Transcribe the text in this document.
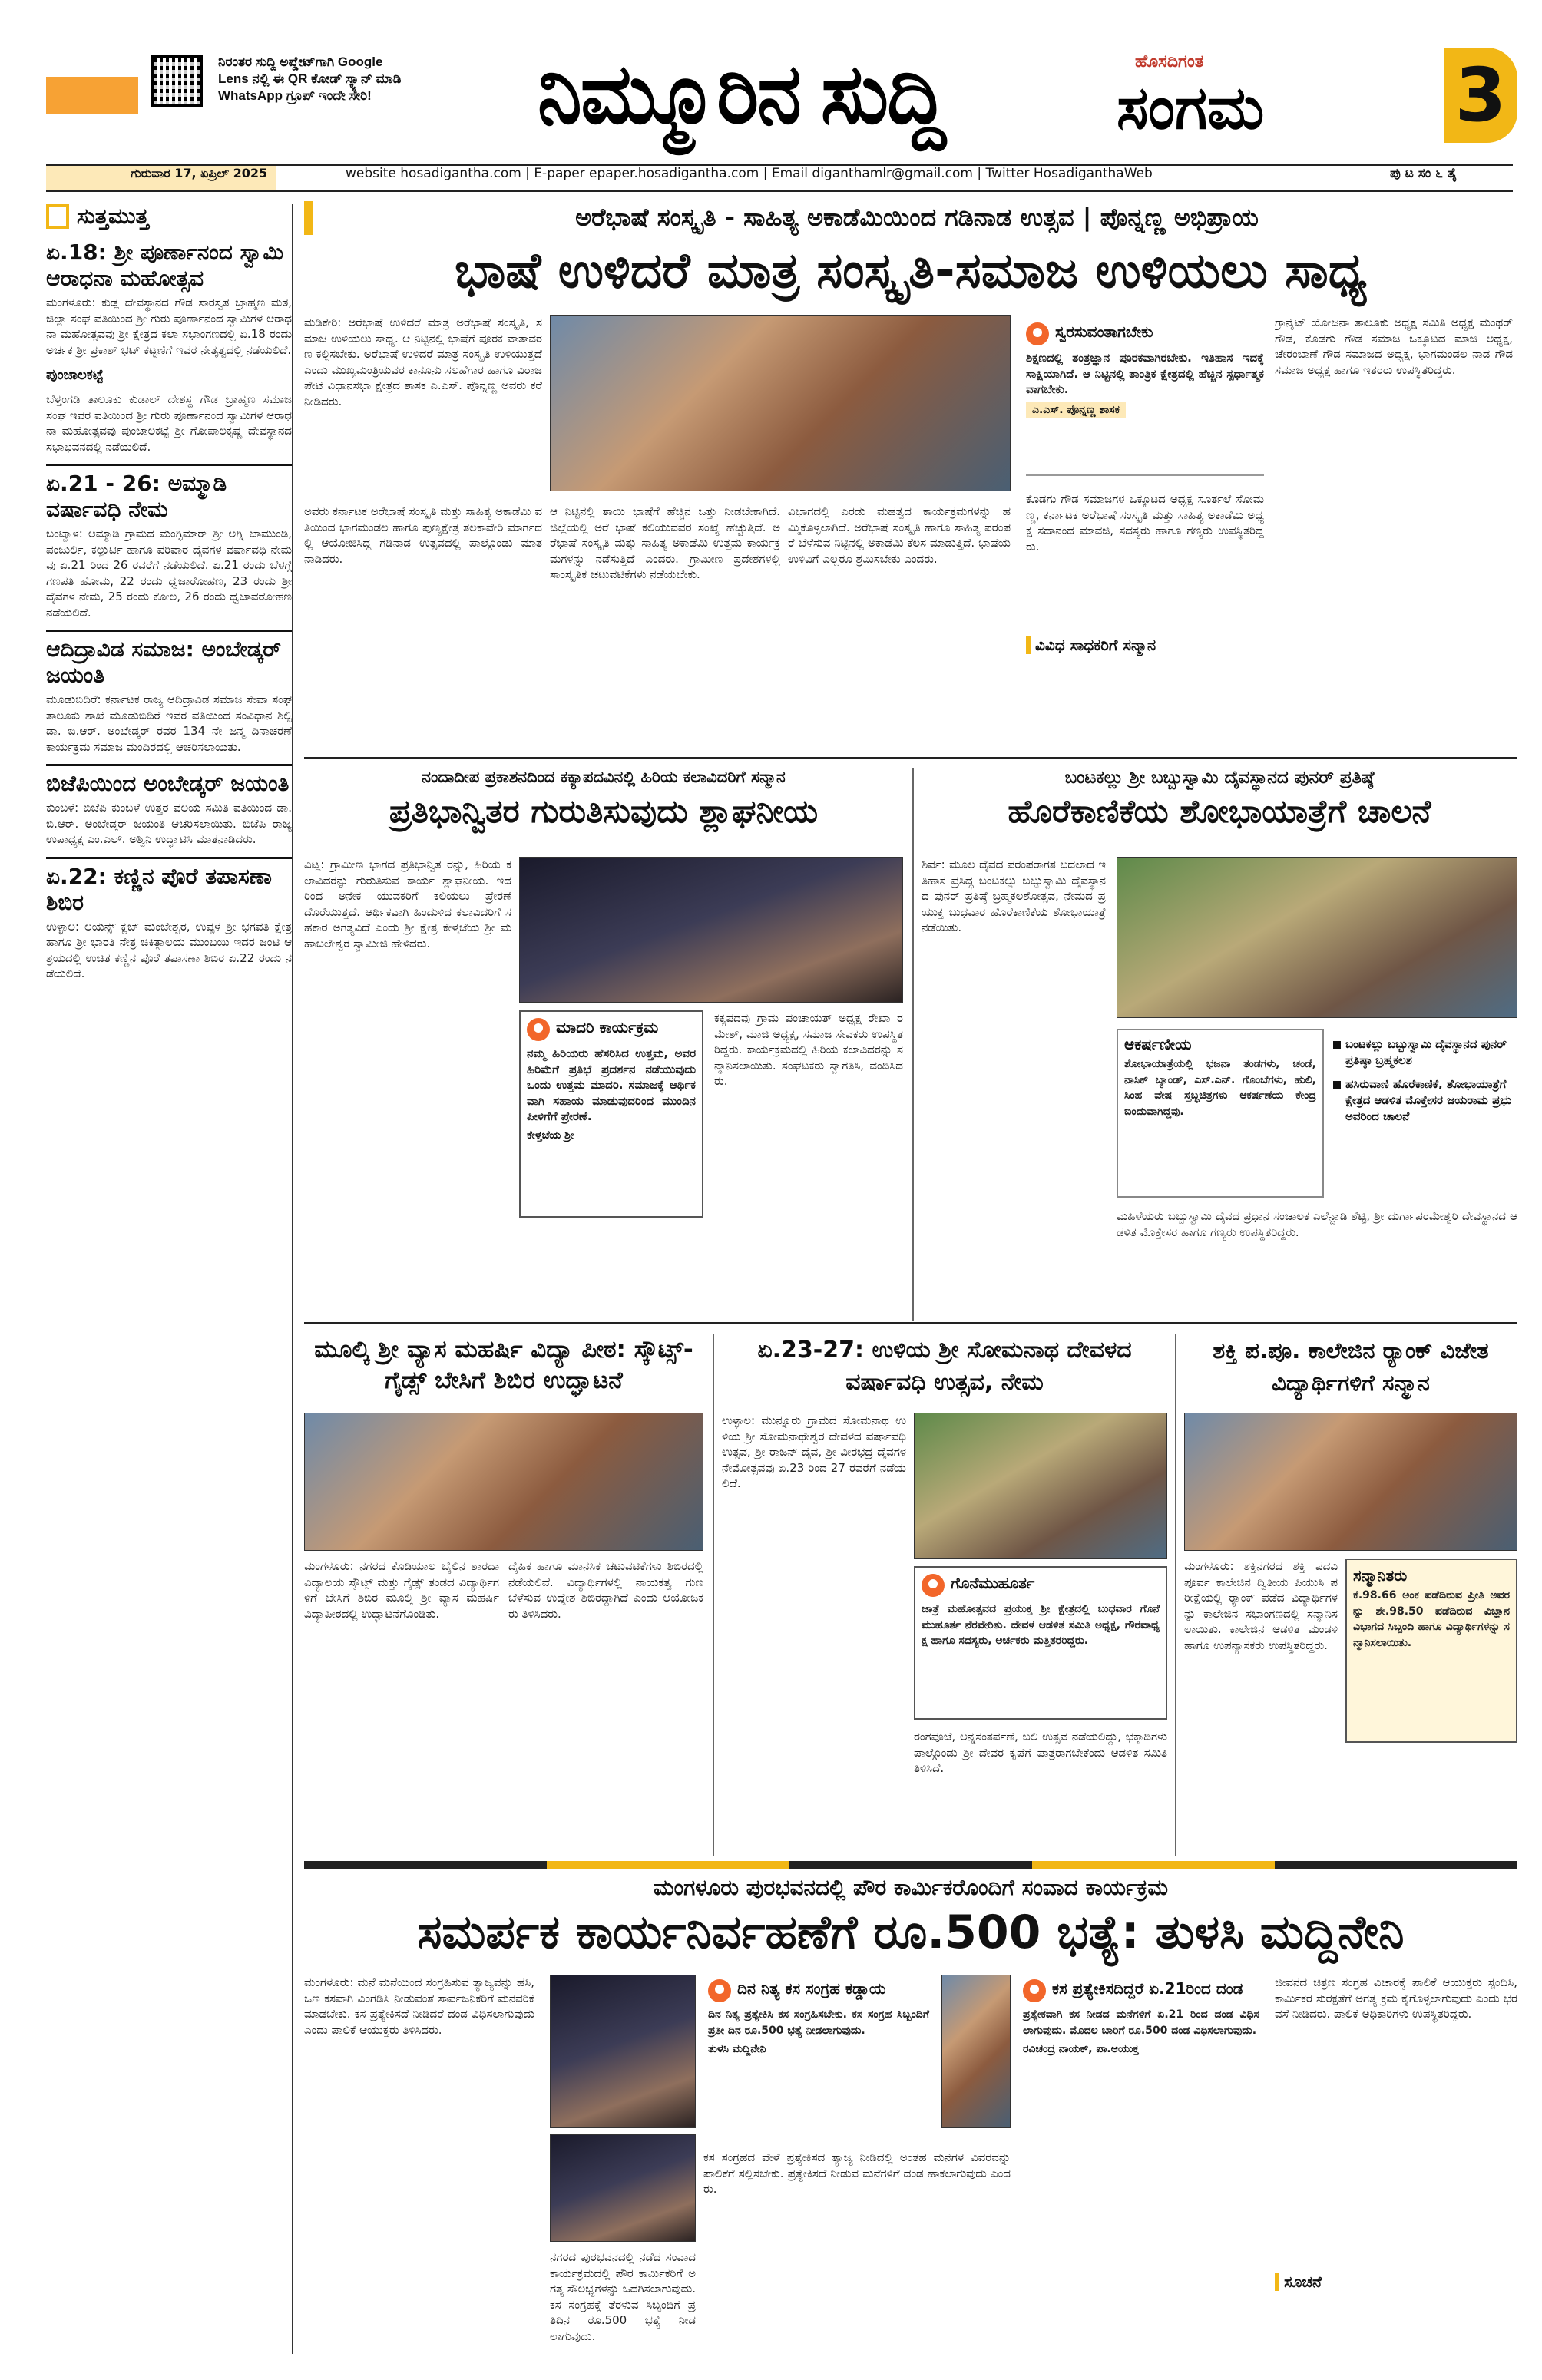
ನಿರಂತರ ಸುದ್ದಿ ಅಪ್ಡೇಟ್‌ಗಾಗಿ Google Lens ನಲ್ಲಿ ಈ QR ಕೋಡ್ ಸ್ಕ್ಯಾನ್ ಮಾಡಿ WhatsApp ಗ್ರೂಪ್ ಇಂದೇ ಸೇರಿ!	ನಿಮ್ಮೂರಿನ ಸುದ್ದಿ	ಹೊಸದಿಗಂತ
ಸಂಗಮ	3
ಗುರುವಾರ 17, ಏಪ್ರಿಲ್ 2025	website hosadigantha.com | E-paper epaper.hosadigantha.com | Email diganthamlr@gmail.com | Twitter HosadiganthaWeb	ಪು ಟ ಸಂ ೬ ತೈ
ಸುತ್ತಮುತ್ತ
ಏ.18: ಶ್ರೀ ಪೂರ್ಣಾನಂದ ಸ್ವಾಮಿ ಆರಾಧನಾ ಮಹೋತ್ಸವ
ಮಂಗಳೂರು: ಕುಡ್ಲ ದೇವಸ್ಥಾನದ ಗೌಡ ಸಾರಸ್ವತ ಬ್ರಾಹ್ಮಣ ಮಠ, ಜಿಲ್ಲಾ ಸಂಘ ವತಿಯಿಂದ ಶ್ರೀ ಗುರು ಪೂರ್ಣಾನಂದ ಸ್ವಾಮಿಗಳ ಆರಾಧನಾ ಮಹೋತ್ಸವವು ಶ್ರೀ ಕ್ಷೇತ್ರದ ಕಲಾ ಸಭಾಂಗಣದಲ್ಲಿ ಏ.18 ರಂದು ಅರ್ಚಕ ಶ್ರೀ ಪ್ರಕಾಶ್ ಭಟ್ ಕಟ್ಟಣಿಗೆ ಇವರ ನೇತೃತ್ವದಲ್ಲಿ ನಡೆಯಲಿದೆ.
ಪುಂಜಾಲಕಟ್ಟೆ
ಬೆಳ್ತಂಗಡಿ ತಾಲೂಕು ಕುಡಾಲ್ ದೇಶಸ್ಥ ಗೌಡ ಬ್ರಾಹ್ಮಣ ಸಮಾಜ ಸಂಘ ಇವರ ವತಿಯಿಂದ ಶ್ರೀ ಗುರು ಪೂರ್ಣಾನಂದ ಸ್ವಾಮಿಗಳ ಆರಾಧನಾ ಮಹೋತ್ಸವವು ಪುಂಜಾಲಕಟ್ಟೆ ಶ್ರೀ ಗೋಪಾಲಕೃಷ್ಣ ದೇವಸ್ಥಾನದ ಸಭಾಭವನದಲ್ಲಿ ನಡೆಯಲಿದೆ.
ಏ.21 - 26: ಅಮ್ಮಾಡಿ ವರ್ಷಾವಧಿ ನೇಮ
ಬಂಟ್ವಾಳ: ಅಮ್ಮಾಡಿ ಗ್ರಾಮದ ಮಂಗ್ಳಿಮಾರ್ ಶ್ರೀ ಅಗ್ನಿ ಚಾಮುಂಡಿ, ಪಂಜುರ್ಲಿ, ಕಲ್ಲುರ್ಟಿ ಹಾಗೂ ಪರಿವಾರ ದೈವಗಳ ವರ್ಷಾವಧಿ ನೇಮವು ಏ.21 ರಿಂದ 26 ರವರೆಗೆ ನಡೆಯಲಿದೆ. ಏ.21 ರಂದು ಬೆಳಗ್ಗೆ ಗಣಪತಿ ಹೋಮ, 22 ರಂದು ಧ್ವಜಾರೋಹಣ, 23 ರಂದು ಶ್ರೀ ದೈವಗಳ ನೇಮ, 25 ರಂದು ಕೋಲ, 26 ರಂದು ಧ್ವಜಾವರೋಹಣ ನಡೆಯಲಿದೆ.
ಆದಿದ್ರಾವಿಡ ಸಮಾಜ: ಅಂಬೇಡ್ಕರ್ ಜಯಂತಿ
ಮೂಡುಬಿದಿರೆ: ಕರ್ನಾಟಕ ರಾಜ್ಯ ಆದಿದ್ರಾವಿಡ ಸಮಾಜ ಸೇವಾ ಸಂಘ ತಾಲೂಕು ಶಾಖೆ ಮೂಡುಬಿದಿರೆ ಇವರ ವತಿಯಿಂದ ಸಂವಿಧಾನ ಶಿಲ್ಪಿ ಡಾ. ಬಿ.ಆರ್. ಅಂಬೇಡ್ಕರ್ ರವರ 134 ನೇ ಜನ್ಮ ದಿನಾಚರಣೆ ಕಾರ್ಯಕ್ರಮ ಸಮಾಜ ಮಂದಿರದಲ್ಲಿ ಆಚರಿಸಲಾಯಿತು.
ಬಿಜೆಪಿಯಿಂದ ಅಂಬೇಡ್ಕರ್ ಜಯಂತಿ
ಕುಂಬಳೆ: ಬಿಜೆಪಿ ಕುಂಬಳೆ ಉತ್ತರ ವಲಯ ಸಮಿತಿ ವತಿಯಿಂದ ಡಾ. ಬಿ.ಆರ್. ಅಂಬೇಡ್ಕರ್ ಜಯಂತಿ ಆಚರಿಸಲಾಯಿತು. ಬಿಜೆಪಿ ರಾಜ್ಯ ಉಪಾಧ್ಯಕ್ಷ ಎಂ.ಎಲ್. ಅಶ್ವಿನಿ ಉದ್ಘಾಟಿಸಿ ಮಾತನಾಡಿದರು.
ಏ.22: ಕಣ್ಣಿನ ಪೊರೆ ತಪಾಸಣಾ ಶಿಬಿರ
ಉಳ್ಳಾಲ: ಲಯನ್ಸ್ ಕ್ಲಬ್ ಮಂಜೇಶ್ವರ, ಉಪ್ಪಳ ಶ್ರೀ ಭಗವತಿ ಕ್ಷೇತ್ರ ಹಾಗೂ ಶ್ರೀ ಭಾರತಿ ನೇತ್ರ ಚಿಕಿತ್ಸಾಲಯ ಮುಂಬಯಿ ಇದರ ಜಂಟಿ ಆಶ್ರಯದಲ್ಲಿ ಉಚಿತ ಕಣ್ಣಿನ ಪೊರೆ ತಪಾಸಣಾ ಶಿಬಿರ ಏ.22 ರಂದು ನಡೆಯಲಿದೆ.
ಅರೆಭಾಷೆ ಸಂಸ್ಕೃತಿ - ಸಾಹಿತ್ಯ ಅಕಾಡೆಮಿಯಿಂದ ಗಡಿನಾಡ ಉತ್ಸವ | ಪೊನ್ನಣ್ಣ ಅಭಿಪ್ರಾಯ
ಭಾಷೆ ಉಳಿದರೆ ಮಾತ್ರ ಸಂಸ್ಕೃತಿ-ಸಮಾಜ ಉಳಿಯಲು ಸಾಧ್ಯ
ಮಡಿಕೇರಿ: ಅರೆಭಾಷೆ ಉಳಿದರೆ ಮಾತ್ರ ಅರೆಭಾಷೆ ಸಂಸ್ಕೃತಿ, ಸಮಾಜ ಉಳಿಯಲು ಸಾಧ್ಯ. ಆ ನಿಟ್ಟಿನಲ್ಲಿ ಭಾಷೆಗೆ ಪೂರಕ ವಾತಾವರಣ ಕಲ್ಪಿಸಬೇಕು. ಅರೆಭಾಷೆ ಉಳಿದರೆ ಮಾತ್ರ ಸಂಸ್ಕೃತಿ ಉಳಿಯುತ್ತದೆ ಎಂದು ಮುಖ್ಯಮಂತ್ರಿಯವರ ಕಾನೂನು ಸಲಹೆಗಾರ ಹಾಗೂ ವಿರಾಜಪೇಟೆ ವಿಧಾನಸಭಾ ಕ್ಷೇತ್ರದ ಶಾಸಕ ಎ.ಎಸ್. ಪೊನ್ನಣ್ಣ ಅವರು ಕರೆ ನೀಡಿದರು.
ಅವರು ಕರ್ನಾಟಕ ಅರೆಭಾಷೆ ಸಂಸ್ಕೃತಿ ಮತ್ತು ಸಾಹಿತ್ಯ ಅಕಾಡೆಮಿ ವತಿಯಿಂದ ಭಾಗಮಂಡಲ ಹಾಗೂ ಪುಣ್ಯಕ್ಷೇತ್ರ ತಲಕಾವೇರಿ ಮಾರ್ಗದಲ್ಲಿ ಆಯೋಜಿಸಿದ್ದ ಗಡಿನಾಡ ಉತ್ಸವದಲ್ಲಿ ಪಾಲ್ಗೊಂಡು ಮಾತನಾಡಿದರು.
ಆ ನಿಟ್ಟಿನಲ್ಲಿ ತಾಯಿ ಭಾಷೆಗೆ ಹೆಚ್ಚಿನ ಒತ್ತು ನೀಡಬೇಕಾಗಿದೆ. ಜಿಲ್ಲೆಯಲ್ಲಿ ಅರೆ ಭಾಷೆ ಕಲಿಯುವವರ ಸಂಖ್ಯೆ ಹೆಚ್ಚುತ್ತಿದೆ. ಅರೆಭಾಷೆ ಸಂಸ್ಕೃತಿ ಮತ್ತು ಸಾಹಿತ್ಯ ಅಕಾಡೆಮಿ ಉತ್ತಮ ಕಾರ್ಯಕ್ರಮಗಳನ್ನು ನಡೆಸುತ್ತಿದೆ ಎಂದರು. ಗ್ರಾಮೀಣ ಪ್ರದೇಶಗಳಲ್ಲಿ ಸಾಂಸ್ಕೃತಿಕ ಚಟುವಟಿಕೆಗಳು ನಡೆಯಬೇಕು.
ವಿಭಾಗದಲ್ಲಿ ಎರಡು ಮಹತ್ವದ ಕಾರ್ಯಕ್ರಮಗಳನ್ನು ಹಮ್ಮಿಕೊಳ್ಳಲಾಗಿದೆ. ಅರೆಭಾಷೆ ಸಂಸ್ಕೃತಿ ಹಾಗೂ ಸಾಹಿತ್ಯ ಪರಂಪರೆ ಬೆಳೆಸುವ ನಿಟ್ಟಿನಲ್ಲಿ ಅಕಾಡೆಮಿ ಕೆಲಸ ಮಾಡುತ್ತಿದೆ. ಭಾಷೆಯ ಉಳಿವಿಗೆ ಎಲ್ಲರೂ ಶ್ರಮಿಸಬೇಕು ಎಂದರು.
ಸ್ವರಸುವಂತಾಗಬೇಕು
ಶಿಕ್ಷಣದಲ್ಲಿ ತಂತ್ರಜ್ಞಾನ ಪೂರಕವಾಗಿರಬೇಕು. ಇತಿಹಾಸ ಇದಕ್ಕೆ ಸಾಕ್ಷಿಯಾಗಿದೆ. ಆ ನಿಟ್ಟಿನಲ್ಲಿ ತಾಂತ್ರಿಕ ಕ್ಷೇತ್ರದಲ್ಲಿ ಹೆಚ್ಚಿನ ಸ್ಪರ್ಧಾತ್ಮಕವಾಗಬೇಕು.
ಎ.ಎಸ್. ಪೊನ್ನಣ್ಣ ಶಾಸಕ
ಕೊಡಗು ಗೌಡ ಸಮಾಜಗಳ ಒಕ್ಕೂಟದ ಅಧ್ಯಕ್ಷ ಸೂರ್ತಲೆ ಸೋಮಣ್ಣ, ಕರ್ನಾಟಕ ಅರೆಭಾಷೆ ಸಂಸ್ಕೃತಿ ಮತ್ತು ಸಾಹಿತ್ಯ ಅಕಾಡೆಮಿ ಅಧ್ಯಕ್ಷ ಸದಾನಂದ ಮಾವಜಿ, ಸದಸ್ಯರು ಹಾಗೂ ಗಣ್ಯರು ಉಪಸ್ಥಿತರಿದ್ದರು.
ವಿವಿಧ ಸಾಧಕರಿಗೆ ಸನ್ಮಾನ
ಗ್ರಾನೈಟ್ ಯೋಜನಾ ತಾಲೂಕು ಅಧ್ಯಕ್ಷ ಸಮಿತಿ ಅಧ್ಯಕ್ಷ ಮಂಥರ್ ಗೌಡ, ಕೊಡಗು ಗೌಡ ಸಮಾಜ ಒಕ್ಕೂಟದ ಮಾಜಿ ಅಧ್ಯಕ್ಷ, ಚೇರಂಬಾಣೆ ಗೌಡ ಸಮಾಜದ ಅಧ್ಯಕ್ಷ, ಭಾಗಮಂಡಲ ನಾಡ ಗೌಡ ಸಮಾಜ ಅಧ್ಯಕ್ಷ ಹಾಗೂ ಇತರರು ಉಪಸ್ಥಿತರಿದ್ದರು.
ನಂದಾದೀಪ ಪ್ರಕಾಶನದಿಂದ ಕಕ್ಯಾಪದವಿನಲ್ಲಿ ಹಿರಿಯ ಕಲಾವಿದರಿಗೆ ಸನ್ಮಾನ
ಪ್ರತಿಭಾನ್ವಿತರ ಗುರುತಿಸುವುದು ಶ್ಲಾಘನೀಯ
ವಿಟ್ಲ: ಗ್ರಾಮೀಣ ಭಾಗದ ಪ್ರತಿಭಾನ್ವಿತ ರನ್ನು, ಹಿರಿಯ ಕಲಾವಿದರನ್ನು ಗುರುತಿಸುವ ಕಾರ್ಯ ಶ್ಲಾಘನೀಯ. ಇದರಿಂದ ಅನೇಕ ಯುವಕರಿಗೆ ಕಲಿಯಲು ಪ್ರೇರಣೆ ದೊರೆಯುತ್ತದೆ. ಆರ್ಥಿಕವಾಗಿ ಹಿಂದುಳಿದ ಕಲಾವಿದರಿಗೆ ಸಹಕಾರ ಅಗತ್ಯವಿದೆ ಎಂದು ಶ್ರೀ ಕ್ಷೇತ್ರ ಕೇಳ್ತಜೆಯ ಶ್ರೀ ಮಹಾಬಲೇಶ್ವರ ಸ್ವಾಮೀಜಿ ಹೇಳಿದರು.
ಮಾದರಿ ಕಾರ್ಯಕ್ರಮ
ನಮ್ಮ ಹಿರಿಯರು ಹೆಸರಿಸಿದ ಉತ್ತಮ, ಅವರ ಹಿರಿಮೆಗೆ ಪ್ರತಿಭೆ ಪ್ರದರ್ಶನ ನಡೆಯುವುದು ಒಂದು ಉತ್ತಮ ಮಾದರಿ. ಸಮಾಜಕ್ಕೆ ಆರ್ಥಿಕವಾಗಿ ಸಹಾಯ ಮಾಡುವುದರಿಂದ ಮುಂದಿನ ಪೀಳಿಗೆಗೆ ಪ್ರೇರಣೆ.
ಕೇಳ್ತಜೆಯ ಶ್ರೀ
ಕಕ್ಯಪದವು ಗ್ರಾಮ ಪಂಚಾಯತ್ ಅಧ್ಯಕ್ಷ ರೇಖಾ ರಮೇಶ್, ಮಾಜಿ ಅಧ್ಯಕ್ಷ, ಸಮಾಜ ಸೇವಕರು ಉಪಸ್ಥಿತರಿದ್ದರು. ಕಾರ್ಯಕ್ರಮದಲ್ಲಿ ಹಿರಿಯ ಕಲಾವಿದರನ್ನು ಸನ್ಮಾನಿಸಲಾಯಿತು. ಸಂಘಟಕರು ಸ್ವಾಗತಿಸಿ, ವಂದಿಸಿದರು.
ಬಂಟಕಲ್ಲು ಶ್ರೀ ಬಬ್ಬುಸ್ವಾಮಿ ದೈವಸ್ಥಾನದ ಪುನರ್ ಪ್ರತಿಷ್ಠೆ
ಹೊರೆಕಾಣಿಕೆಯ ಶೋಭಾಯಾತ್ರೆಗೆ ಚಾಲನೆ
ಶಿರ್ವ: ಮೂಲ ದೈವದ ಪರಂಪರಾಗತ ಬದಲಾದ ಇತಿಹಾಸ ಪ್ರಸಿದ್ಧ ಬಂಟಕಲ್ಲು ಬಬ್ಬುಸ್ವಾಮಿ ದೈವಸ್ಥಾನದ ಪುನರ್ ಪ್ರತಿಷ್ಠೆ ಬ್ರಹ್ಮಕಲಶೋತ್ಸವ, ನೇಮದ ಪ್ರಯುಕ್ತ ಬುಧವಾರ ಹೊರೆಕಾಣಿಕೆಯ ಶೋಭಾಯಾತ್ರೆ ನಡೆಯಿತು.
ಆಕರ್ಷಣೀಯ
ಶೋಭಾಯಾತ್ರೆಯಲ್ಲಿ ಭಜನಾ ತಂಡಗಳು, ಚಂಡೆ, ನಾಸಿಕ್ ಬ್ಯಾಂಡ್, ಎಸ್.ಎನ್. ಗೊಂಬೆಗಳು, ಹುಲಿ, ಸಿಂಹ ವೇಷ ಸ್ತಬ್ಧಚಿತ್ರಗಳು ಆಕರ್ಷಣೆಯ ಕೇಂದ್ರಬಿಂದುವಾಗಿದ್ದವು.
ಬಂಟಕಲ್ಲು ಬಬ್ಬುಸ್ವಾಮಿ ದೈವಸ್ಥಾನದ ಪುನರ್ ಪ್ರತಿಷ್ಠಾ ಬ್ರಹ್ಮಕಲಶ
ಹಸಿರುವಾಣಿ ಹೊರೆಕಾಣಿಕೆ, ಶೋಭಾಯಾತ್ರೆಗೆ ಕ್ಷೇತ್ರದ ಆಡಳಿತ ಮೊಕ್ತೇಸರ ಜಯರಾಮ ಪ್ರಭು ಅವರಿಂದ ಚಾಲನೆ
ಮಹಿಳೆಯರು ಬಬ್ಬುಸ್ವಾಮಿ ದೈವದ ಪ್ರಧಾನ ಸಂಚಾಲಕ ಎಲೆನ್ದಾಡಿ ಶೆಟ್ಟಿ, ಶ್ರೀ ದುರ್ಗಾಪರಮೇಶ್ವರಿ ದೇವಸ್ಥಾನದ ಆಡಳಿತ ಮೊಕ್ತೇಸರ ಹಾಗೂ ಗಣ್ಯರು ಉಪಸ್ಥಿತರಿದ್ದರು.
ಮೂಲ್ಕಿ ಶ್ರೀ ವ್ಯಾಸ ಮಹರ್ಷಿ ವಿದ್ಯಾ ಪೀಠ: ಸ್ಕೌಟ್ಸ್-ಗೈಡ್ಸ್ ಬೇಸಿಗೆ ಶಿಬಿರ ಉದ್ಘಾಟನೆ
ಮಂಗಳೂರು: ನಗರದ ಕೊಡಿಯಾಲ ಬೈಲಿನ ಶಾರದಾ ವಿದ್ಯಾಲಯ ಸ್ಕೌಟ್ಸ್ ಮತ್ತು ಗೈಡ್ಸ್ ತಂಡದ ವಿದ್ಯಾರ್ಥಿಗಳಿಗೆ ಬೇಸಿಗೆ ಶಿಬಿರ ಮೂಲ್ಕಿ ಶ್ರೀ ವ್ಯಾಸ ಮಹರ್ಷಿ ವಿದ್ಯಾಪೀಠದಲ್ಲಿ ಉದ್ಘಾಟನೆಗೊಂಡಿತು.
ದೈಹಿಕ ಹಾಗೂ ಮಾನಸಿಕ ಚಟುವಟಿಕೆಗಳು ಶಿಬಿರದಲ್ಲಿ ನಡೆಯಲಿವೆ. ವಿದ್ಯಾರ್ಥಿಗಳಲ್ಲಿ ನಾಯಕತ್ವ ಗುಣ ಬೆಳೆಸುವ ಉದ್ದೇಶ ಶಿಬಿರದ್ದಾಗಿದೆ ಎಂದು ಆಯೋಜಕರು ತಿಳಿಸಿದರು.
ಏ.23-27: ಉಳಿಯ ಶ್ರೀ ಸೋಮನಾಥ ದೇವಳದ ವರ್ಷಾವಧಿ ಉತ್ಸವ, ನೇಮ
ಉಳ್ಳಾಲ: ಮುನ್ನೂರು ಗ್ರಾಮದ ಸೋಮನಾಥ ಉಳಿಯ ಶ್ರೀ ಸೋಮನಾಥೇಶ್ವರ ದೇವಳದ ವರ್ಷಾವಧಿ ಉತ್ಸವ, ಶ್ರೀ ರಾಜನ್ ದೈವ, ಶ್ರೀ ವೀರಭದ್ರ ದೈವಗಳ ನೇಮೋತ್ಸವವು ಏ.23 ರಿಂದ 27 ರವರೆಗೆ ನಡೆಯಲಿದೆ.
ಗೊನೆಮುಹೂರ್ತ
ಜಾತ್ರೆ ಮಹೋತ್ಸವದ ಪ್ರಯುಕ್ತ ಶ್ರೀ ಕ್ಷೇತ್ರದಲ್ಲಿ ಬುಧವಾರ ಗೊನೆ ಮುಹೂರ್ತ ನೆರವೇರಿತು. ದೇವಳ ಆಡಳಿತ ಸಮಿತಿ ಅಧ್ಯಕ್ಷ, ಗೌರವಾಧ್ಯಕ್ಷ ಹಾಗೂ ಸದಸ್ಯರು, ಅರ್ಚಕರು ಮತ್ತಿತರರಿದ್ದರು.
ರಂಗಪೂಜೆ, ಅನ್ನಸಂತರ್ಪಣೆ, ಬಲಿ ಉತ್ಸವ ನಡೆಯಲಿದ್ದು, ಭಕ್ತಾದಿಗಳು ಪಾಲ್ಗೊಂಡು ಶ್ರೀ ದೇವರ ಕೃಪೆಗೆ ಪಾತ್ರರಾಗಬೇಕೆಂದು ಆಡಳಿತ ಸಮಿತಿ ತಿಳಿಸಿದೆ.
ಶಕ್ತಿ ಪ.ಪೂ. ಕಾಲೇಜಿನ ರ‍್ಯಾಂಕ್ ವಿಜೇತ ವಿದ್ಯಾರ್ಥಿಗಳಿಗೆ ಸನ್ಮಾನ
ಮಂಗಳೂರು: ಶಕ್ತಿನಗರದ ಶಕ್ತಿ ಪದವಿ ಪೂರ್ವ ಕಾಲೇಜಿನ ದ್ವಿತೀಯ ಪಿಯುಸಿ ಪರೀಕ್ಷೆಯಲ್ಲಿ ರ‍್ಯಾಂಕ್ ಪಡೆದ ವಿದ್ಯಾರ್ಥಿಗಳನ್ನು ಕಾಲೇಜಿನ ಸಭಾಂಗಣದಲ್ಲಿ ಸನ್ಮಾನಿಸಲಾಯಿತು. ಕಾಲೇಜಿನ ಆಡಳಿತ ಮಂಡಳಿ ಹಾಗೂ ಉಪನ್ಯಾಸಕರು ಉಪಸ್ಥಿತರಿದ್ದರು.
ಸನ್ಮಾನಿತರು
ಕೆ.98.66 ಅಂಕ ಪಡೆದಿರುವ ಪ್ರೀತಿ ಅವರನ್ನು ಶೇ.98.50 ಪಡೆದಿರುವ ವಿಜ್ಞಾನ ವಿಭಾಗದ ಸಿಬ್ಬಂದಿ ಹಾಗೂ ವಿದ್ಯಾರ್ಥಿಗಳನ್ನು ಸನ್ಮಾನಿಸಲಾಯಿತು.
ಮಂಗಳೂರು ಪುರಭವನದಲ್ಲಿ ಪೌರ ಕಾರ್ಮಿಕರೊಂದಿಗೆ ಸಂವಾದ ಕಾರ್ಯಕ್ರಮ
ಸಮರ್ಪಕ ಕಾರ್ಯನಿರ್ವಹಣೆಗೆ ರೂ.500 ಭತ್ಯೆ: ತುಳಸಿ ಮದ್ದಿನೇನಿ
ಮಂಗಳೂರು: ಮನೆ ಮನೆಯಿಂದ ಸಂಗ್ರಹಿಸುವ ತ್ಯಾಜ್ಯವನ್ನು ಹಸಿ, ಒಣ ಕಸವಾಗಿ ವಿಂಗಡಿಸಿ ನೀಡುವಂತೆ ಸಾರ್ವಜನಿಕರಿಗೆ ಮನವರಿಕೆ ಮಾಡಬೇಕು. ಕಸ ಪ್ರತ್ಯೇಕಿಸದೆ ನೀಡಿದರೆ ದಂಡ ವಿಧಿಸಲಾಗುವುದು ಎಂದು ಪಾಲಿಕೆ ಆಯುಕ್ತರು ತಿಳಿಸಿದರು.
ನಗರದ ಪುರಭವನದಲ್ಲಿ ನಡೆದ ಸಂವಾದ ಕಾರ್ಯಕ್ರಮದಲ್ಲಿ ಪೌರ ಕಾರ್ಮಿಕರಿಗೆ ಅಗತ್ಯ ಸೌಲಭ್ಯಗಳನ್ನು ಒದಗಿಸಲಾಗುವುದು. ಕಸ ಸಂಗ್ರಹಕ್ಕೆ ತೆರಳುವ ಸಿಬ್ಬಂದಿಗೆ ಪ್ರತಿದಿನ ರೂ.500 ಭತ್ಯೆ ನೀಡಲಾಗುವುದು.
ದಿನ ನಿತ್ಯ ಕಸ ಸಂಗ್ರಹ ಕಡ್ಡಾಯ
ದಿನ ನಿತ್ಯ ಪ್ರತ್ಯೇಕಿಸಿ ಕಸ ಸಂಗ್ರಹಿಸಬೇಕು. ಕಸ ಸಂಗ್ರಹ ಸಿಬ್ಬಂದಿಗೆ ಪ್ರತೀ ದಿನ ರೂ.500 ಭತ್ಯೆ ನೀಡಲಾಗುವುದು.
ತುಳಸಿ ಮದ್ದಿನೇನಿ
ಕಸ ಸಂಗ್ರಹದ ವೇಳೆ ಪ್ರತ್ಯೇಕಿಸದ ತ್ಯಾಜ್ಯ ನೀಡಿದಲ್ಲಿ ಅಂತಹ ಮನೆಗಳ ವಿವರವನ್ನು ಪಾಲಿಕೆಗೆ ಸಲ್ಲಿಸಬೇಕು. ಪ್ರತ್ಯೇಕಿಸದೆ ನೀಡುವ ಮನೆಗಳಿಗೆ ದಂಡ ಹಾಕಲಾಗುವುದು ಎಂದರು.
ಕಸ ಪ್ರತ್ಯೇಕಿಸದಿದ್ದರೆ ಏ.21ರಿಂದ ದಂಡ
ಪ್ರತ್ಯೇಕವಾಗಿ ಕಸ ನೀಡದ ಮನೆಗಳಿಗೆ ಏ.21 ರಿಂದ ದಂಡ ವಿಧಿಸಲಾಗುವುದು. ಮೊದಲ ಬಾರಿಗೆ ರೂ.500 ದಂಡ ವಿಧಿಸಲಾಗುವುದು.
ರವಿಚಂದ್ರ ನಾಯಕ್, ಪಾ.ಆಯುಕ್ತ
ಜೀವನದ ಚಿತ್ರಣ ಸಂಗ್ರಹ ವಿಚಾರಕ್ಕೆ ಪಾಲಿಕೆ ಆಯುಕ್ತರು ಸ್ಪಂದಿಸಿ, ಕಾರ್ಮಿಕರ ಸುರಕ್ಷತೆಗೆ ಅಗತ್ಯ ಕ್ರಮ ಕೈಗೊಳ್ಳಲಾಗುವುದು ಎಂದು ಭರವಸೆ ನೀಡಿದರು. ಪಾಲಿಕೆ ಅಧಿಕಾರಿಗಳು ಉಪಸ್ಥಿತರಿದ್ದರು.
ಸೂಚನೆ
